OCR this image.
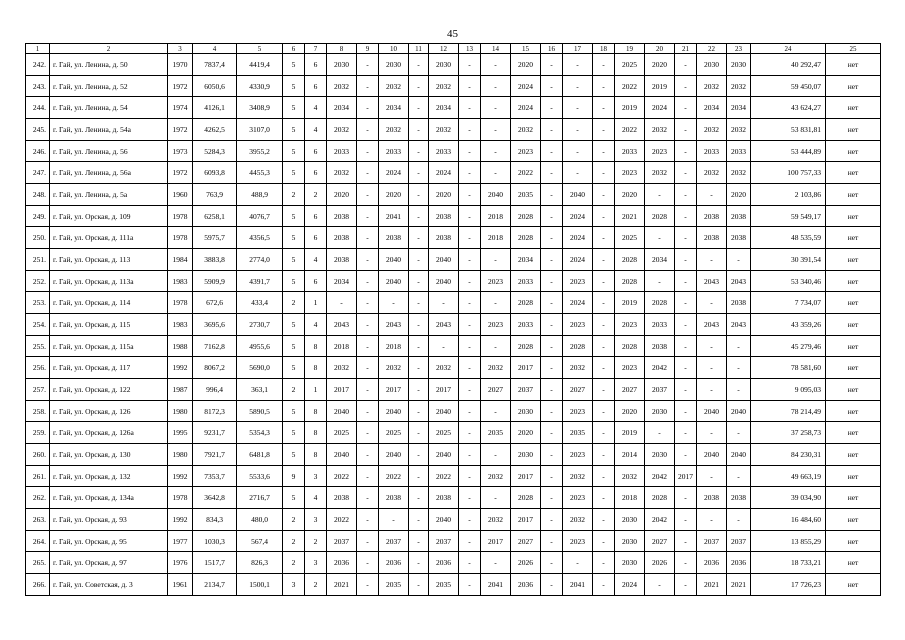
45
1	2	3	4	5	6	7	8	9	10	11	12	13	14	15	16	17	18	19	20	21	22	23	24	25
242.	г. Гай, ул. Ленина, д. 50	1970	7837,4	4419,4	5	6	2030	-	2030	-	2030	-	-	2020	-	-	-	2025	2020	-	2030	2030	40 292,47	нет
243.	г. Гай, ул. Ленина, д. 52	1972	6050,6	4330,9	5	6	2032	-	2032	-	2032	-	-	2024	-	-	-	2022	2019	-	2032	2032	59 450,07	нет
244.	г. Гай, ул. Ленина, д. 54	1974	4126,1	3408,9	5	4	2034	-	2034	-	2034	-	-	2024	-	-	-	2019	2024	-	2034	2034	43 624,27	нет
245.	г. Гай, ул. Ленина, д. 54а	1972	4262,5	3107,0	5	4	2032	-	2032	-	2032	-	-	2032	-	-	-	2022	2032	-	2032	2032	53 831,81	нет
246.	г. Гай, ул. Ленина, д. 56	1973	5284,3	3955,2	5	6	2033	-	2033	-	2033	-	-	2023	-	-	-	2033	2023	-	2033	2033	53 444,89	нет
247.	г. Гай, ул. Ленина, д. 56а	1972	6093,8	4455,3	5	6	2032	-	2024	-	2024	-	-	2022	-	-	-	2023	2032	-	2032	2032	100 757,33	нет
248.	г. Гай, ул. Ленина, д. 5а	1960	763,9	488,9	2	2	2020	-	2020	-	2020	-	2040	2035	-	2040	-	2020	-	-	-	2020	2 103,86	нет
249.	г. Гай, ул. Орская, д. 109	1978	6258,1	4076,7	5	6	2038	-	2041	-	2038	-	2018	2028	-	2024	-	2021	2028	-	2038	2038	59 549,17	нет
250.	г. Гай, ул. Орская, д. 111а	1978	5975,7	4356,5	5	6	2038	-	2038	-	2038	-	2018	2028	-	2024	-	2025	-	-	2038	2038	48 535,59	нет
251.	г. Гай, ул. Орская, д. 113	1984	3883,8	2774,0	5	4	2038	-	2040	-	2040	-	-	2034	-	2024	-	2028	2034	-	-	-	30 391,54	нет
252.	г. Гай, ул. Орская, д. 113а	1983	5909,9	4391,7	5	6	2034	-	2040	-	2040	-	2023	2033	-	2023	-	2028	-	-	2043	2043	53 340,46	нет
253.	г. Гай, ул. Орская, д. 114	1978	672,6	433,4	2	1	-	-	-	-	-	-	-	2028	-	2024	-	2019	2028	-	-	2038	7 734,07	нет
254.	г. Гай, ул. Орская, д. 115	1983	3695,6	2730,7	5	4	2043	-	2043	-	2043	-	2023	2033	-	2023	-	2023	2033	-	2043	2043	43 359,26	нет
255.	г. Гай, ул. Орская, д. 115а	1988	7162,8	4955,6	5	8	2018	-	2018	-	-	-	-	2028	-	2028	-	2028	2038	-	-	-	45 279,46	нет
256.	г. Гай, ул. Орская, д. 117	1992	8067,2	5690,0	5	8	2032	-	2032	-	2032	-	2032	2017	-	2032	-	2023	2042	-	-	-	78 581,60	нет
257.	г. Гай, ул. Орская, д. 122	1987	996,4	363,1	2	1	2017	-	2017	-	2017	-	2027	2037	-	2027	-	2027	2037	-	-	-	9 095,03	нет
258.	г. Гай, ул. Орская, д. 126	1980	8172,3	5890,5	5	8	2040	-	2040	-	2040	-	-	2030	-	2023	-	2020	2030	-	2040	2040	78 214,49	нет
259.	г. Гай, ул. Орская, д. 126а	1995	9231,7	5354,3	5	8	2025	-	2025	-	2025	-	2035	2020	-	2035	-	2019	-	-	-	-	37 258,73	нет
260.	г. Гай, ул. Орская, д. 130	1980	7921,7	6481,8	5	8	2040	-	2040	-	2040	-	-	2030	-	2023	-	2014	2030	-	2040	2040	84 230,31	нет
261.	г. Гай, ул. Орская, д. 132	1992	7353,7	5533,6	9	3	2022	-	2022	-	2022	-	2032	2017	-	2032	-	2032	2042	2017	-	-	49 663,19	нет
262.	г. Гай, ул. Орская, д. 134а	1978	3642,8	2716,7	5	4	2038	-	2038	-	2038	-	-	2028	-	2023	-	2018	2028	-	2038	2038	39 034,90	нет
263.	г. Гай, ул. Орская, д. 93	1992	834,3	480,0	2	3	2022	-	-	-	2040	-	2032	2017	-	2032	-	2030	2042	-	-	-	16 484,60	нет
264.	г. Гай, ул. Орская, д. 95	1977	1030,3	567,4	2	2	2037	-	2037	-	2037	-	2017	2027	-	2023	-	2030	2027	-	2037	2037	13 855,29	нет
265.	г. Гай, ул. Орская, д. 97	1976	1517,7	826,3	2	3	2036	-	2036	-	2036	-	-	2026	-	-	-	2030	2026	-	2036	2036	18 733,21	нет
266.	г. Гай, ул. Советская, д. 3	1961	2134,7	1500,1	3	2	2021	-	2035	-	2035	-	2041	2036	-	2041	-	2024	-	-	2021	2021	17 726,23	нет
